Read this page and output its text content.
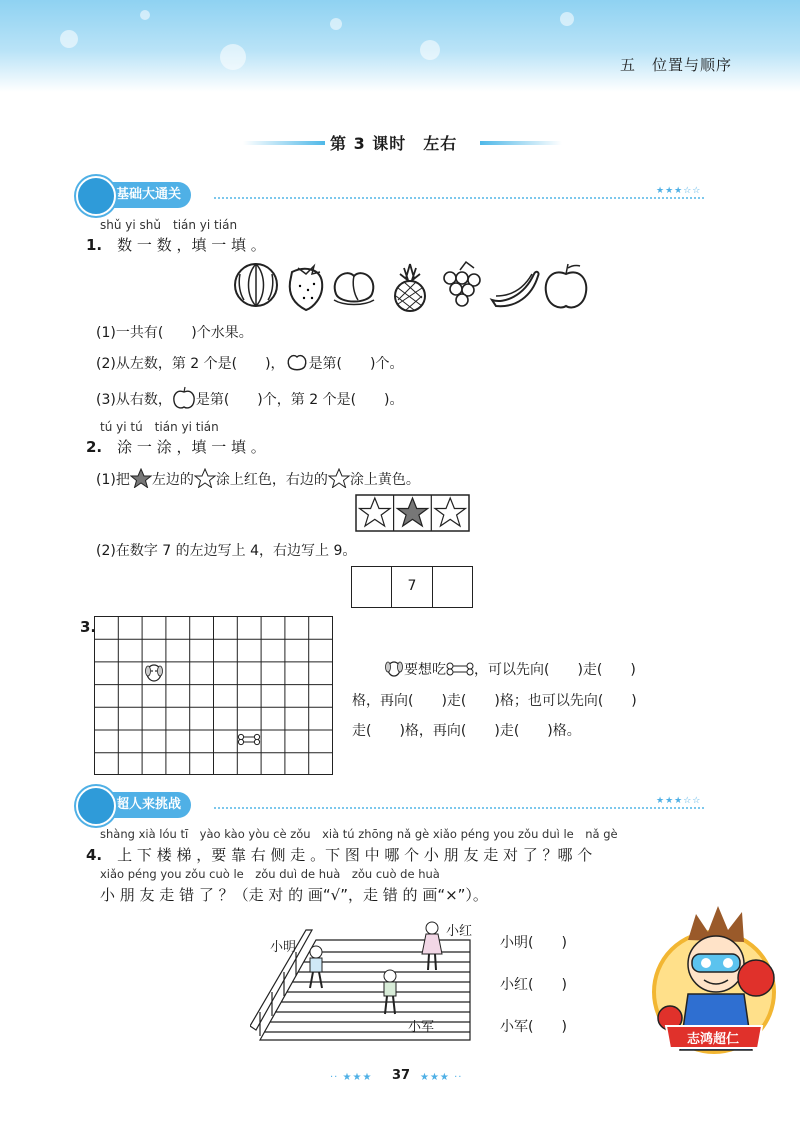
五　位置与顺序
第 3 课时　左右
基础大通关	★★★☆☆
shǔ yi shǔ　tián yi tián
1.　 数 一 数 ，填 一 填 。
(1)一共有(　　)个水果。
(2)从左数，第 2 个是(　　)， 是第(　　)个。
(3)从右数， 是第(　　)个，第 2 个是(　　)。
tú yi tú　tián yi tián
2.　 涂 一 涂 ，填 一 填 。
(1)把 左边的 涂上红色，右边的 涂上黄色。
(2)在数字 7 的左边写上 4，右边写上 9。
7
3.
要想吃 ，可以先向(　　)走(　　)
格，再向(　　)走(　　)格；也可以先向(　　)
走(　　)格，再向(　　)走(　　)格。
超人来挑战	★★★☆☆
shàng xià lóu tī　yào kào yòu cè zǒu　xià tú zhōng nǎ gè xiǎo péng you zǒu duì le　nǎ gè
4.　 上 下 楼 梯 ，要 靠 右 侧 走 。下 图 中 哪 个 小 朋 友 走 对 了 ？哪 个
xiǎo péng you zǒu cuò le　zǒu duì de huà　zǒu cuò de huà
小 朋 友 走 错 了 ？（走 对 的 画“√”，走 错 的 画“×”）。
小明
小红
小军
小明(　　)
小红(　　)
小军(　　)
志鸿超仁
·· ★★★ 37 ★★★ ··
